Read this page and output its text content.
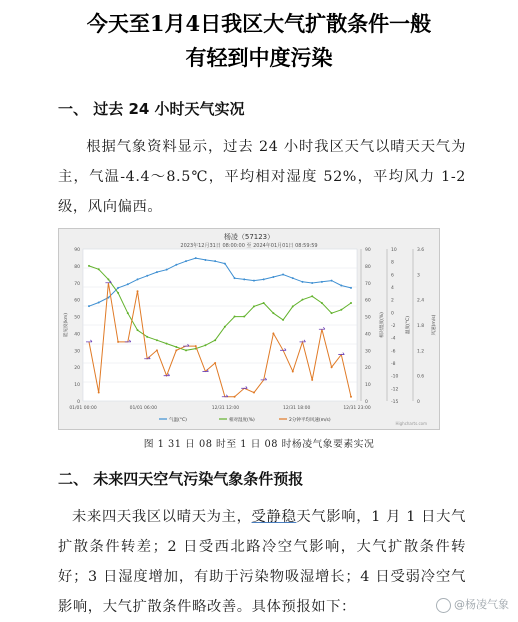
今天至1月4日我区大气扩散条件一般
有轻到中度污染
一、 过去 24 小时天气实况
根据气象资料显示，过去 24 小时我区天气以晴天天气为主，气温-4.4～8.5℃，平均相对湿度 52%，平均风力 1-2 级，风向偏西。
杨凌（57123）
2023年12月31日 08:00:00 至 2024年01月01日 08:59:59
90
80
70
60
50
40
30
20
10
0
90
80
70
60
50
40
30
20
10
0
10
8
6
4
2
0
-2
-4
-6
-8
-10
-12
-15
3.6
3
2.4
1.8
1.2
0.6
0
能见度(km)	相对湿度(%)	温度(°C)	风速(m/s)
01/01 00:00	01/01 06:00	12/31 12:00	12/31 18:00	12/31 23:00
气温(°C)	相对湿度(%)	2分钟平均风速(m/s)
Highcharts.com
图 1 31 日 08 时至 1 日 08 时杨凌气象要素实况
二、 未来四天空气污染气象条件预报
未来四天我区以晴天为主，受静稳天气影响，1 月 1 日大气扩散条件转差；2 日受西北路冷空气影响，大气扩散条件转好；3 日湿度增加，有助于污染物吸湿增长；4 日受弱冷空气影响，大气扩散条件略改善。具体预报如下：	@杨凌气象
